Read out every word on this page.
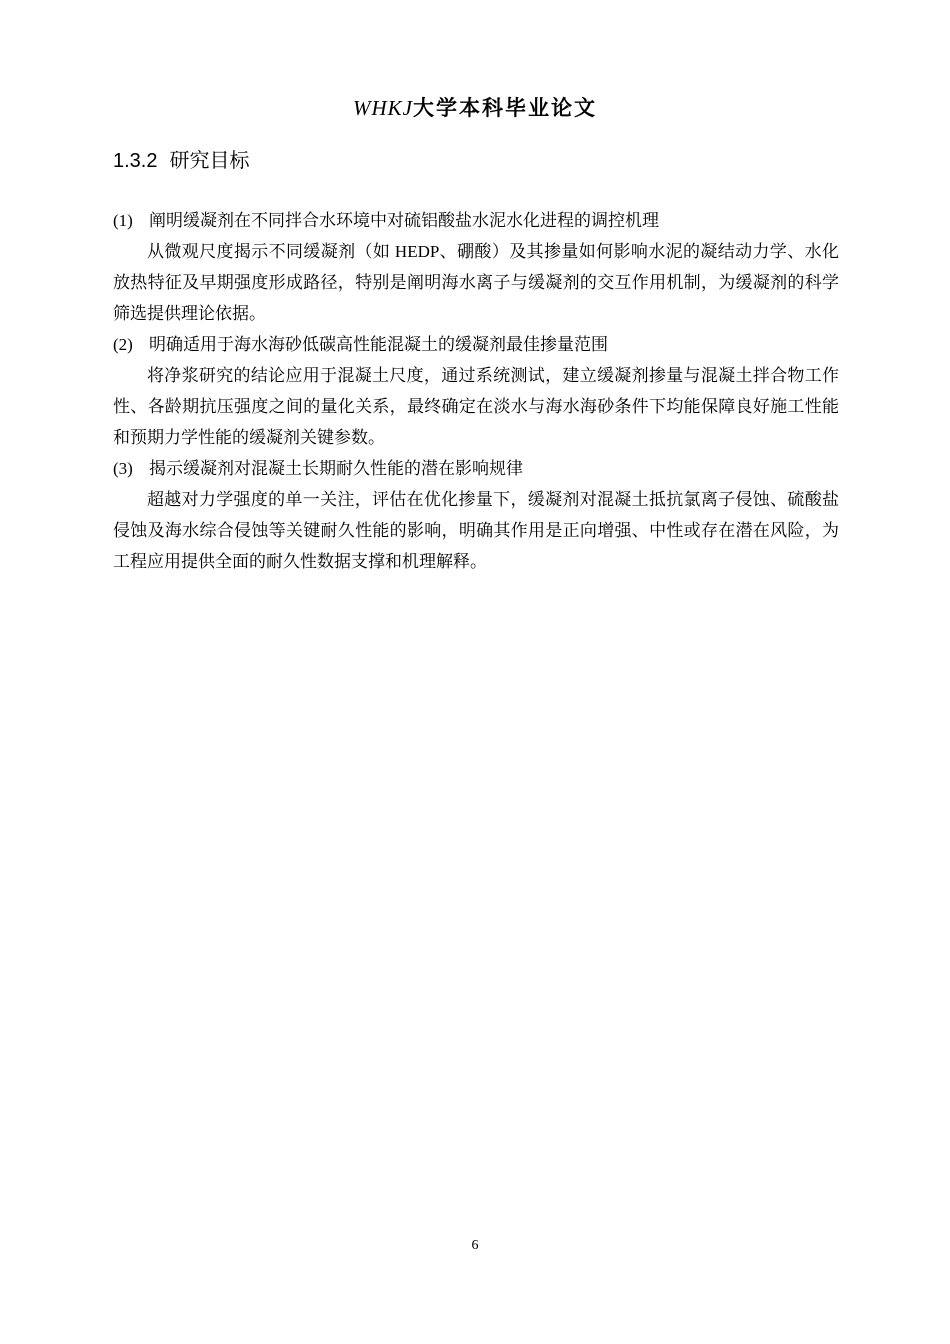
WHKJ大学本科毕业论文
1.3.2 研究目标
(1) 阐明缓凝剂在不同拌合水环境中对硫铝酸盐水泥水化进程的调控机理
从微观尺度揭示不同缓凝剂（如 HEDP、硼酸）及其掺量如何影响水泥的凝结动力学、水化放热特征及早期强度形成路径，特别是阐明海水离子与缓凝剂的交互作用机制，为缓凝剂的科学筛选提供理论依据。
(2) 明确适用于海水海砂低碳高性能混凝土的缓凝剂最佳掺量范围
将净浆研究的结论应用于混凝土尺度，通过系统测试，建立缓凝剂掺量与混凝土拌合物工作性、各龄期抗压强度之间的量化关系，最终确定在淡水与海水海砂条件下均能保障良好施工性能和预期力学性能的缓凝剂关键参数。
(3) 揭示缓凝剂对混凝土长期耐久性能的潜在影响规律
超越对力学强度的单一关注，评估在优化掺量下，缓凝剂对混凝土抵抗氯离子侵蚀、硫酸盐侵蚀及海水综合侵蚀等关键耐久性能的影响，明确其作用是正向增强、中性或存在潜在风险，为工程应用提供全面的耐久性数据支撑和机理解释。
6
